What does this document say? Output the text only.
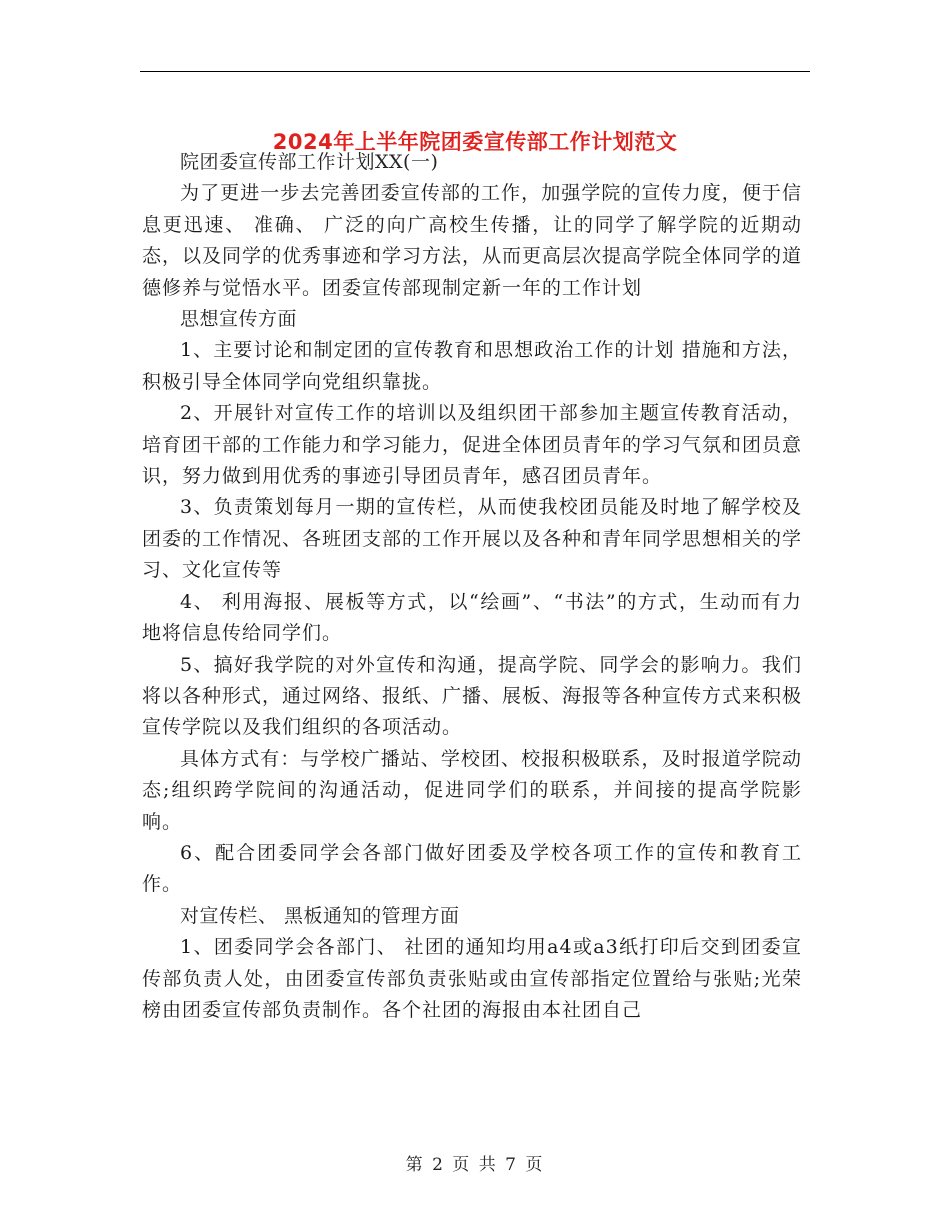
2024年上半年院团委宣传部工作计划范文

院团委宣传部工作计划XX(一)

为了更进一步去完善团委宣传部的工作，加强学院的宣传力度，便于信息更迅速、 准确、 广泛的向广高校生传播，让的同学了解学院的近期动态，以及同学的优秀事迹和学习方法，从而更高层次提高学院全体同学的道德修养与觉悟水平。团委宣传部现制定新一年的工作计划

思想宣传方面

1、主要讨论和制定团的宣传教育和思想政治工作的计划 措施和方法，积极引导全体同学向党组织靠拢。

2、开展针对宣传工作的培训以及组织团干部参加主题宣传教育活动，培育团干部的工作能力和学习能力，促进全体团员青年的学习气氛和团员意识，努力做到用优秀的事迹引导团员青年，感召团员青年。

3、负责策划每月一期的宣传栏，从而使我校团员能及时地了解学校及团委的工作情况、各班团支部的工作开展以及各种和青年同学思想相关的学习、文化宣传等

4、 利用海报、展板等方式，以“绘画”、“书法”的方式，生动而有力地将信息传给同学们。

5、搞好我学院的对外宣传和沟通，提高学院、同学会的影响力。我们将以各种形式，通过网络、报纸、广播、展板、海报等各种宣传方式来积极宣传学院以及我们组织的各项活动。

具体方式有：与学校广播站、学校团、校报积极联系，及时报道学院动态;组织跨学院间的沟通活动，促进同学们的联系，并间接的提高学院影响。

6、配合团委同学会各部门做好团委及学校各项工作的宣传和教育工作。

对宣传栏、 黑板通知的管理方面

1、团委同学会各部门、 社团的通知均用a4或a3纸打印后交到团委宣传部负责人处，由团委宣传部负责张贴或由宣传部指定位置给与张贴;光荣榜由团委宣传部负责制作。各个社团的海报由本社团自己

第 2 页 共 7 页
